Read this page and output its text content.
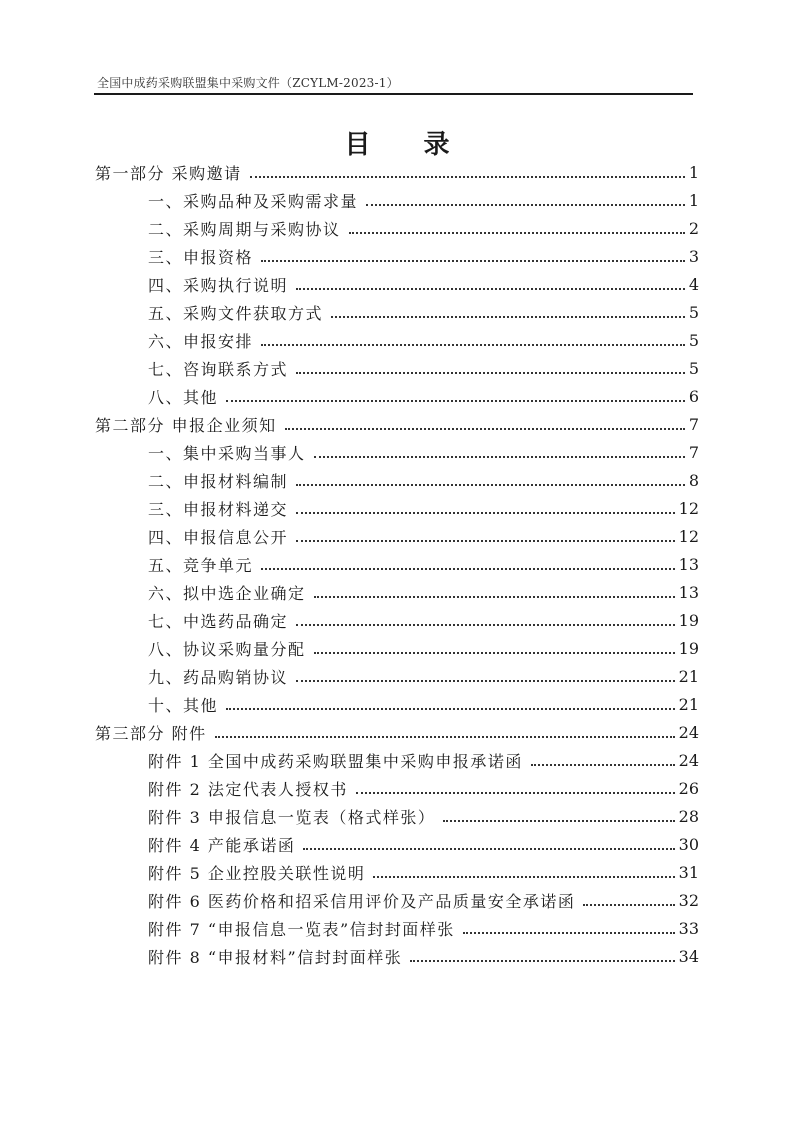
全国中成药采购联盟集中采购文件（ZCYLM-2023-1）
目 录
第一部分 采购邀请	1
一、采购品种及采购需求量	1
二、采购周期与采购协议	2
三、申报资格	3
四、采购执行说明	4
五、采购文件获取方式	5
六、申报安排	5
七、咨询联系方式	5
八、其他	6
第二部分 申报企业须知	7
一、集中采购当事人	7
二、申报材料编制	8
三、申报材料递交	12
四、申报信息公开	12
五、竞争单元	13
六、拟中选企业确定	13
七、中选药品确定	19
八、协议采购量分配	19
九、药品购销协议	21
十、其他	21
第三部分 附件	24
附件 1 全国中成药采购联盟集中采购申报承诺函	24
附件 2 法定代表人授权书	26
附件 3 申报信息一览表（格式样张）	28
附件 4 产能承诺函	30
附件 5 企业控股关联性说明	31
附件 6 医药价格和招采信用评价及产品质量安全承诺函	32
附件 7 “申报信息一览表”信封封面样张	33
附件 8 “申报材料”信封封面样张	34
